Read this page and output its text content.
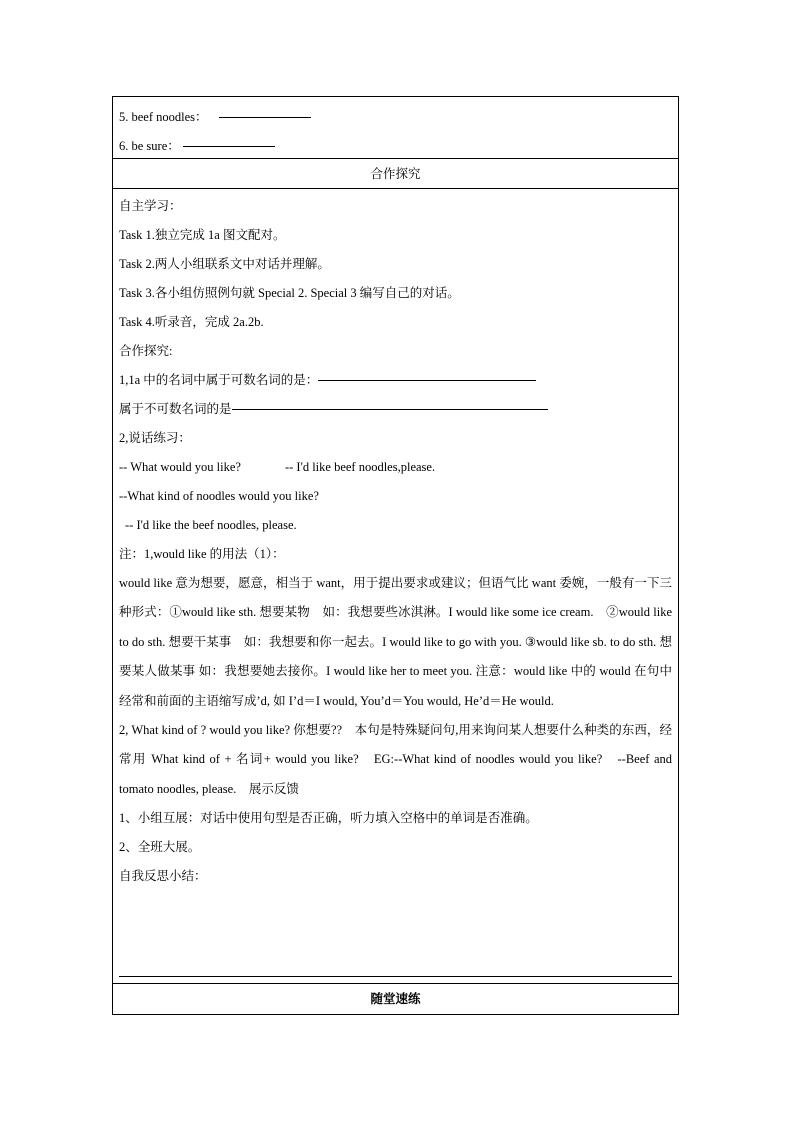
5. beef noodles：
6. be sure：
合作探究
自主学习：
Task 1.独立完成 1a 图文配对。
Task 2.两人小组联系文中对话并理解。
Task 3.各小组仿照例句就 Special 2. Special 3 编写自己的对话。
Task 4.听录音，完成 2a.2b.
合作探究:
1,1a 中的名词中属于可数名词的是：
属于不可数名词的是
2,说话练习：
-- What would you like?	-- I'd like beef noodles,please.
--What kind of noodles would you like?
-- I'd like the beef noodles, please.
注：1,would like 的用法（1）：
would like 意为想要，愿意，相当于 want，用于提出要求或建议；但语气比 want 委婉，一般有一下三种形式：①would like sth. 想要某物　如：我想要些冰淇淋。I would like some ice cream.　②would like to do sth. 想要干某事　如：我想要和你一起去。I would like to go with you. ③would like sb. to do sth. 想要某人做某事 如：我想要她去接你。I would like her to meet you. 注意：would like 中的 would 在句中经常和前面的主语缩写成’d, 如 I’d＝I would, You’d＝You would, He’d＝He would.
2, What kind of ? would you like? 你想要??　本句是特殊疑问句,用来询问某人想要什么种类的东西，经常用 What kind of + 名词+ would you like?　EG:--What kind of noodles would you like?　--Beef and tomato noodles, please.　展示反馈
1、小组互展：对话中使用句型是否正确，听力填入空格中的单词是否准确。
2、全班大展。
自我反思小结：
随堂速练
